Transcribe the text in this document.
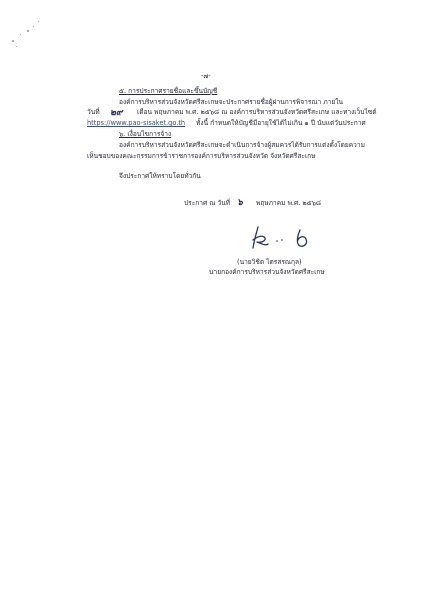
-๗-
๕. การประกาศรายชื่อและขึ้นบัญชี
องค์การบริหารส่วนจังหวัดศรีสะเกษจะประกาศรายชื่อผู้ผ่านการพิจารณา ภายใน
วันที่ ๒๙ เดือน พฤษภาคม พ.ศ. ๒๕๖๘ ณ องค์การบริหารส่วนจังหวัดศรีสะเกษ และทางเว็บไซต์
https://www.pao-sisaket.go.th ทั้งนี้ กำหนดให้บัญชีมีอายุใช้ได้ไม่เกิน ๑ ปี นับแต่วันประกาศ
๖. เงื่อนไขการจ้าง
องค์การบริหารส่วนจังหวัดศรีสะเกษจะดำเนินการจ้างผู้สมควรได้รับการแต่งตั้งโดยความ
เห็นชอบของคณะกรรมการข้าราชการองค์การบริหารส่วนจังหวัด จังหวัดศรีสะเกษ
จึงประกาศให้ทราบโดยทั่วกัน
ประกาศ ณ วันที่ ๖ พฤษภาคม พ.ศ. ๒๕๖๘
(นายวิชิต ไตรสรณกุล)
นายกองค์การบริหารส่วนจังหวัดศรีสะเกษ
